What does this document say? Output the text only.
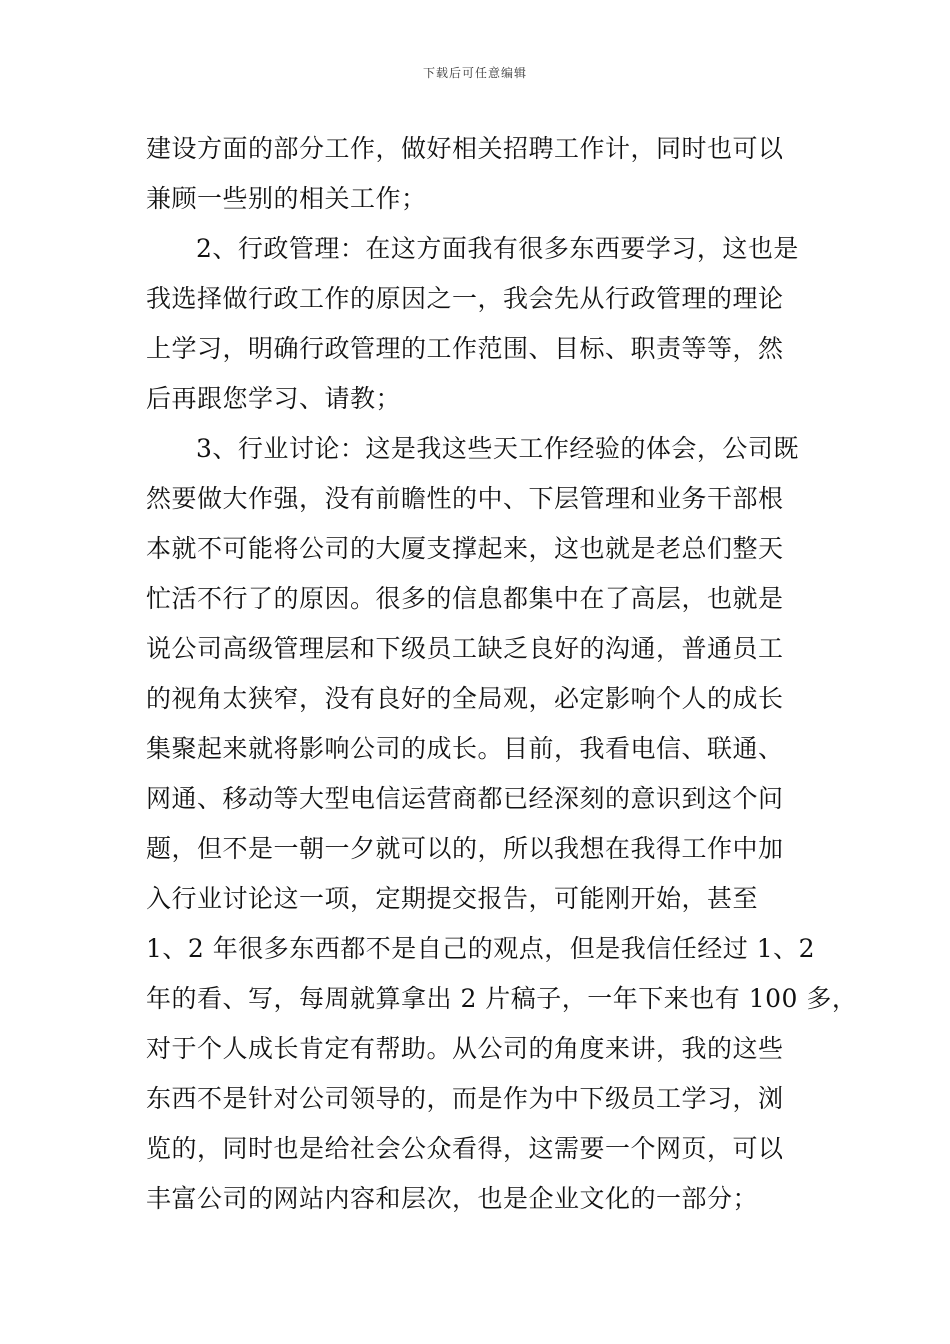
下载后可任意编辑
建设方面的部分工作，做好相关招聘工作计，同时也可以
兼顾一些别的相关工作；
2、行政管理：在这方面我有很多东西要学习，这也是
我选择做行政工作的原因之一，我会先从行政管理的理论
上学习，明确行政管理的工作范围、目标、职责等等，然
后再跟您学习、请教；
3、行业讨论：这是我这些天工作经验的体会，公司既
然要做大作强，没有前瞻性的中、下层管理和业务干部根
本就不可能将公司的大厦支撑起来，这也就是老总们整天
忙活不行了的原因。很多的信息都集中在了高层，也就是
说公司高级管理层和下级员工缺乏良好的沟通，普通员工
的视角太狭窄，没有良好的全局观，必定影响个人的成长
集聚起来就将影响公司的成长。目前，我看电信、联通、
网通、移动等大型电信运营商都已经深刻的意识到这个问
题，但不是一朝一夕就可以的，所以我想在我得工作中加
入行业讨论这一项，定期提交报告，可能刚开始，甚至
1、2 年很多东西都不是自己的观点，但是我信任经过 1、2
年的看、写，每周就算拿出 2 片稿子，一年下来也有 100 多，
对于个人成长肯定有帮助。从公司的角度来讲，我的这些
东西不是针对公司领导的，而是作为中下级员工学习，浏
览的，同时也是给社会公众看得，这需要一个网页，可以
丰富公司的网站内容和层次，也是企业文化的一部分；
